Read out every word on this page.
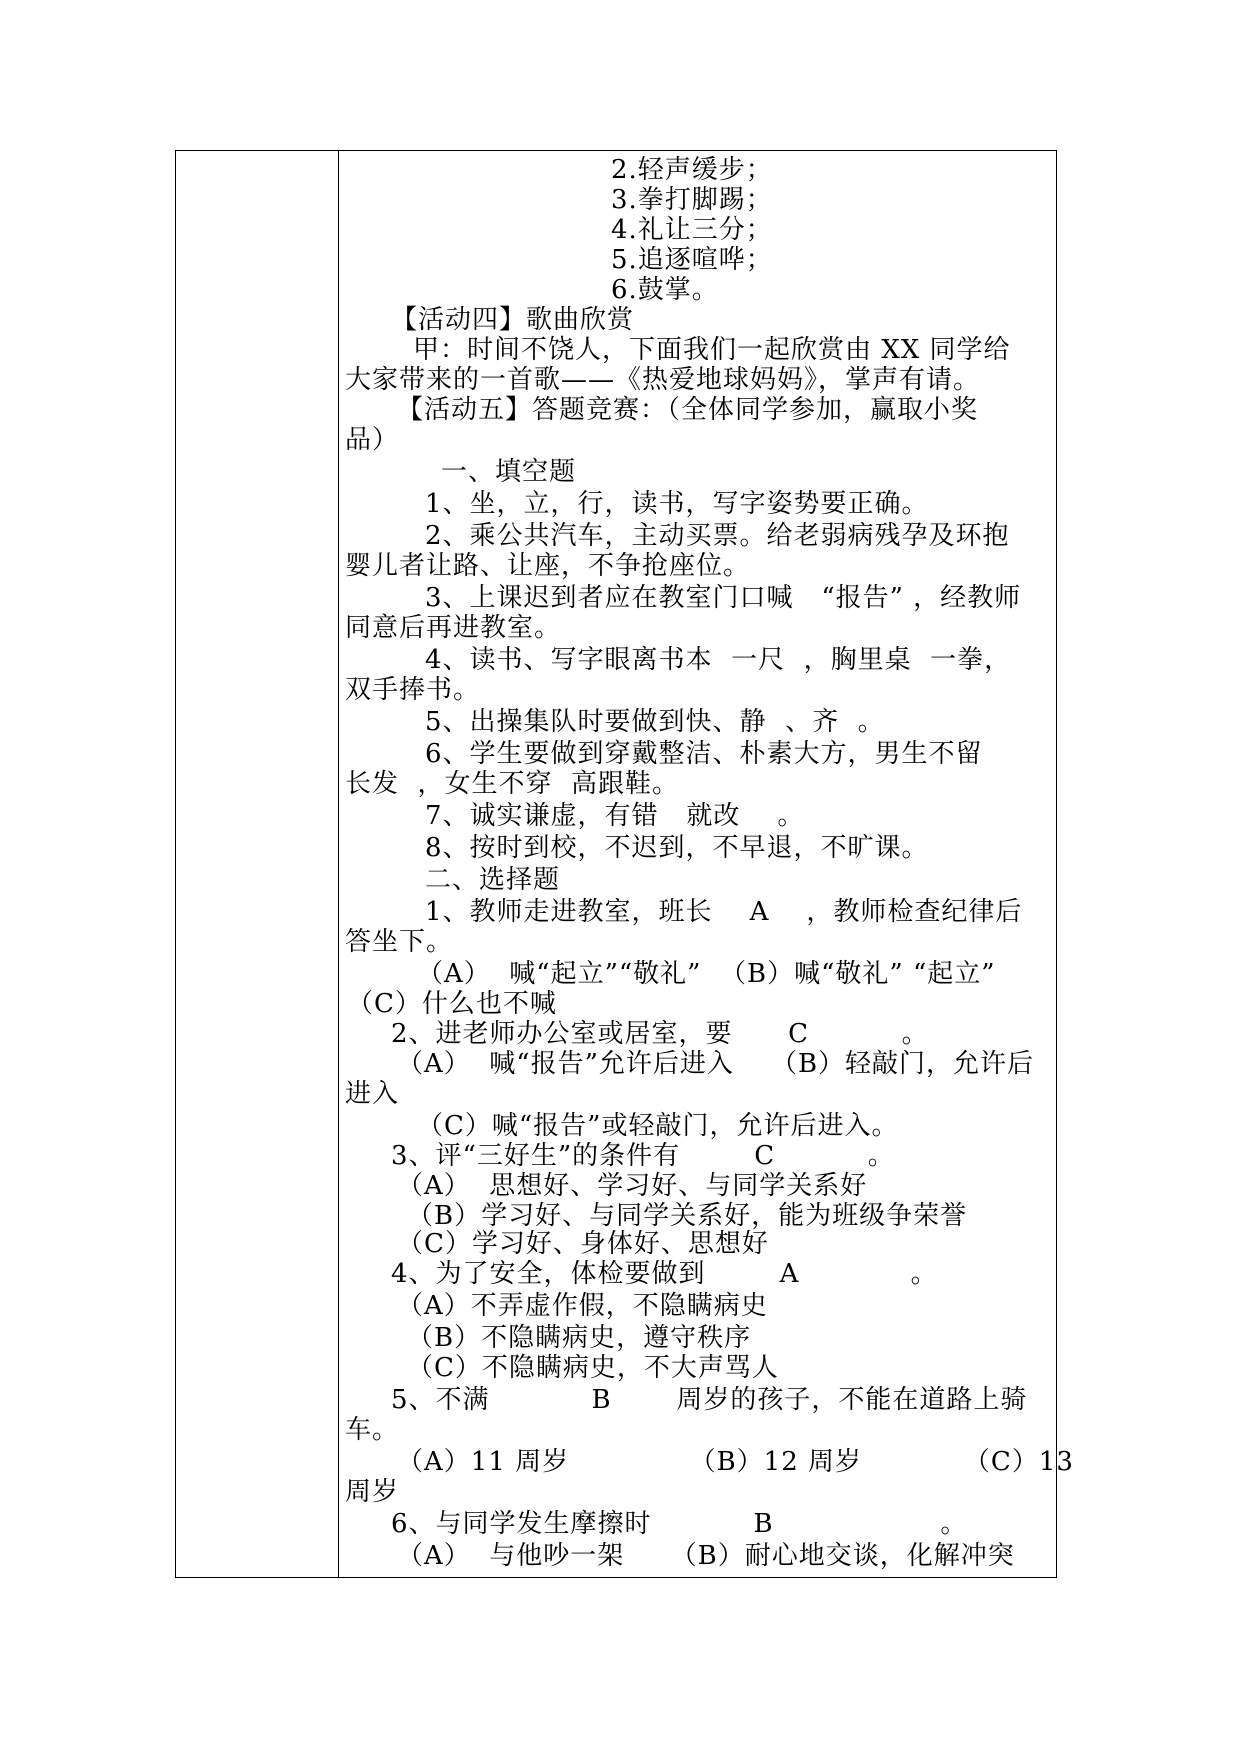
2.轻声缓步；
3.拳打脚踢；
4.礼让三分；
5.追逐喧哗；
6.鼓掌。
【活动四】歌曲欣赏
甲：时间不饶人，下面我们一起欣赏由 XX 同学给
大家带来的一首歌——《热爱地球妈妈》，掌声有请。
【活动五】答题竞赛：（全体同学参加，赢取小奖
品）
一、填空题
1、坐，立，行，读书，写字姿势要正确。
2、乘公共汽车，主动买票。给老弱病残孕及环抱
婴儿者让路、让座，不争抢座位。
3、上课迟到者应在教室门口喊   “报告” ，经教师
同意后再进教室。
4、读书、写字眼离书本  一尺  ，胸里桌  一拳，
双手捧书。
5、出操集队时要做到快、静  、齐  。
6、学生要做到穿戴整洁、朴素大方，男生不留
长发  ，女生不穿  高跟鞋。
7、诚实谦虚，有错   就改    。
8、按时到校，不迟到，不早退，不旷课。
二、选择题
1、教师走进教室，班长    A    ，教师检查纪律后
答坐下。
（A）  喊“起立”“敬礼”  （B）喊“敬礼” “起立”
（C）什么也不喊
2、进老师办公室或居室，要      C          。
（A）  喊“报告”允许后进入    （B）轻敲门，允许后
进入
（C）喊“报告”或轻敲门，允许后进入。
3、评“三好生”的条件有        C          。
（A）  思想好、学习好、与同学关系好
（B）学习好、与同学关系好，能为班级争荣誉
（C）学习好、身体好、思想好
4、为了安全，体检要做到        A            。
（A）不弄虚作假，不隐瞒病史
（B）不隐瞒病史，遵守秩序
（C）不隐瞒病史，不大声骂人
5、不满           B       周岁的孩子，不能在道路上骑
车。
（A）11 周岁             （B）12 周岁           （C）13
周岁
6、与同学发生摩擦时           B                  。
（A）  与他吵一架     （B）耐心地交谈，化解冲突
